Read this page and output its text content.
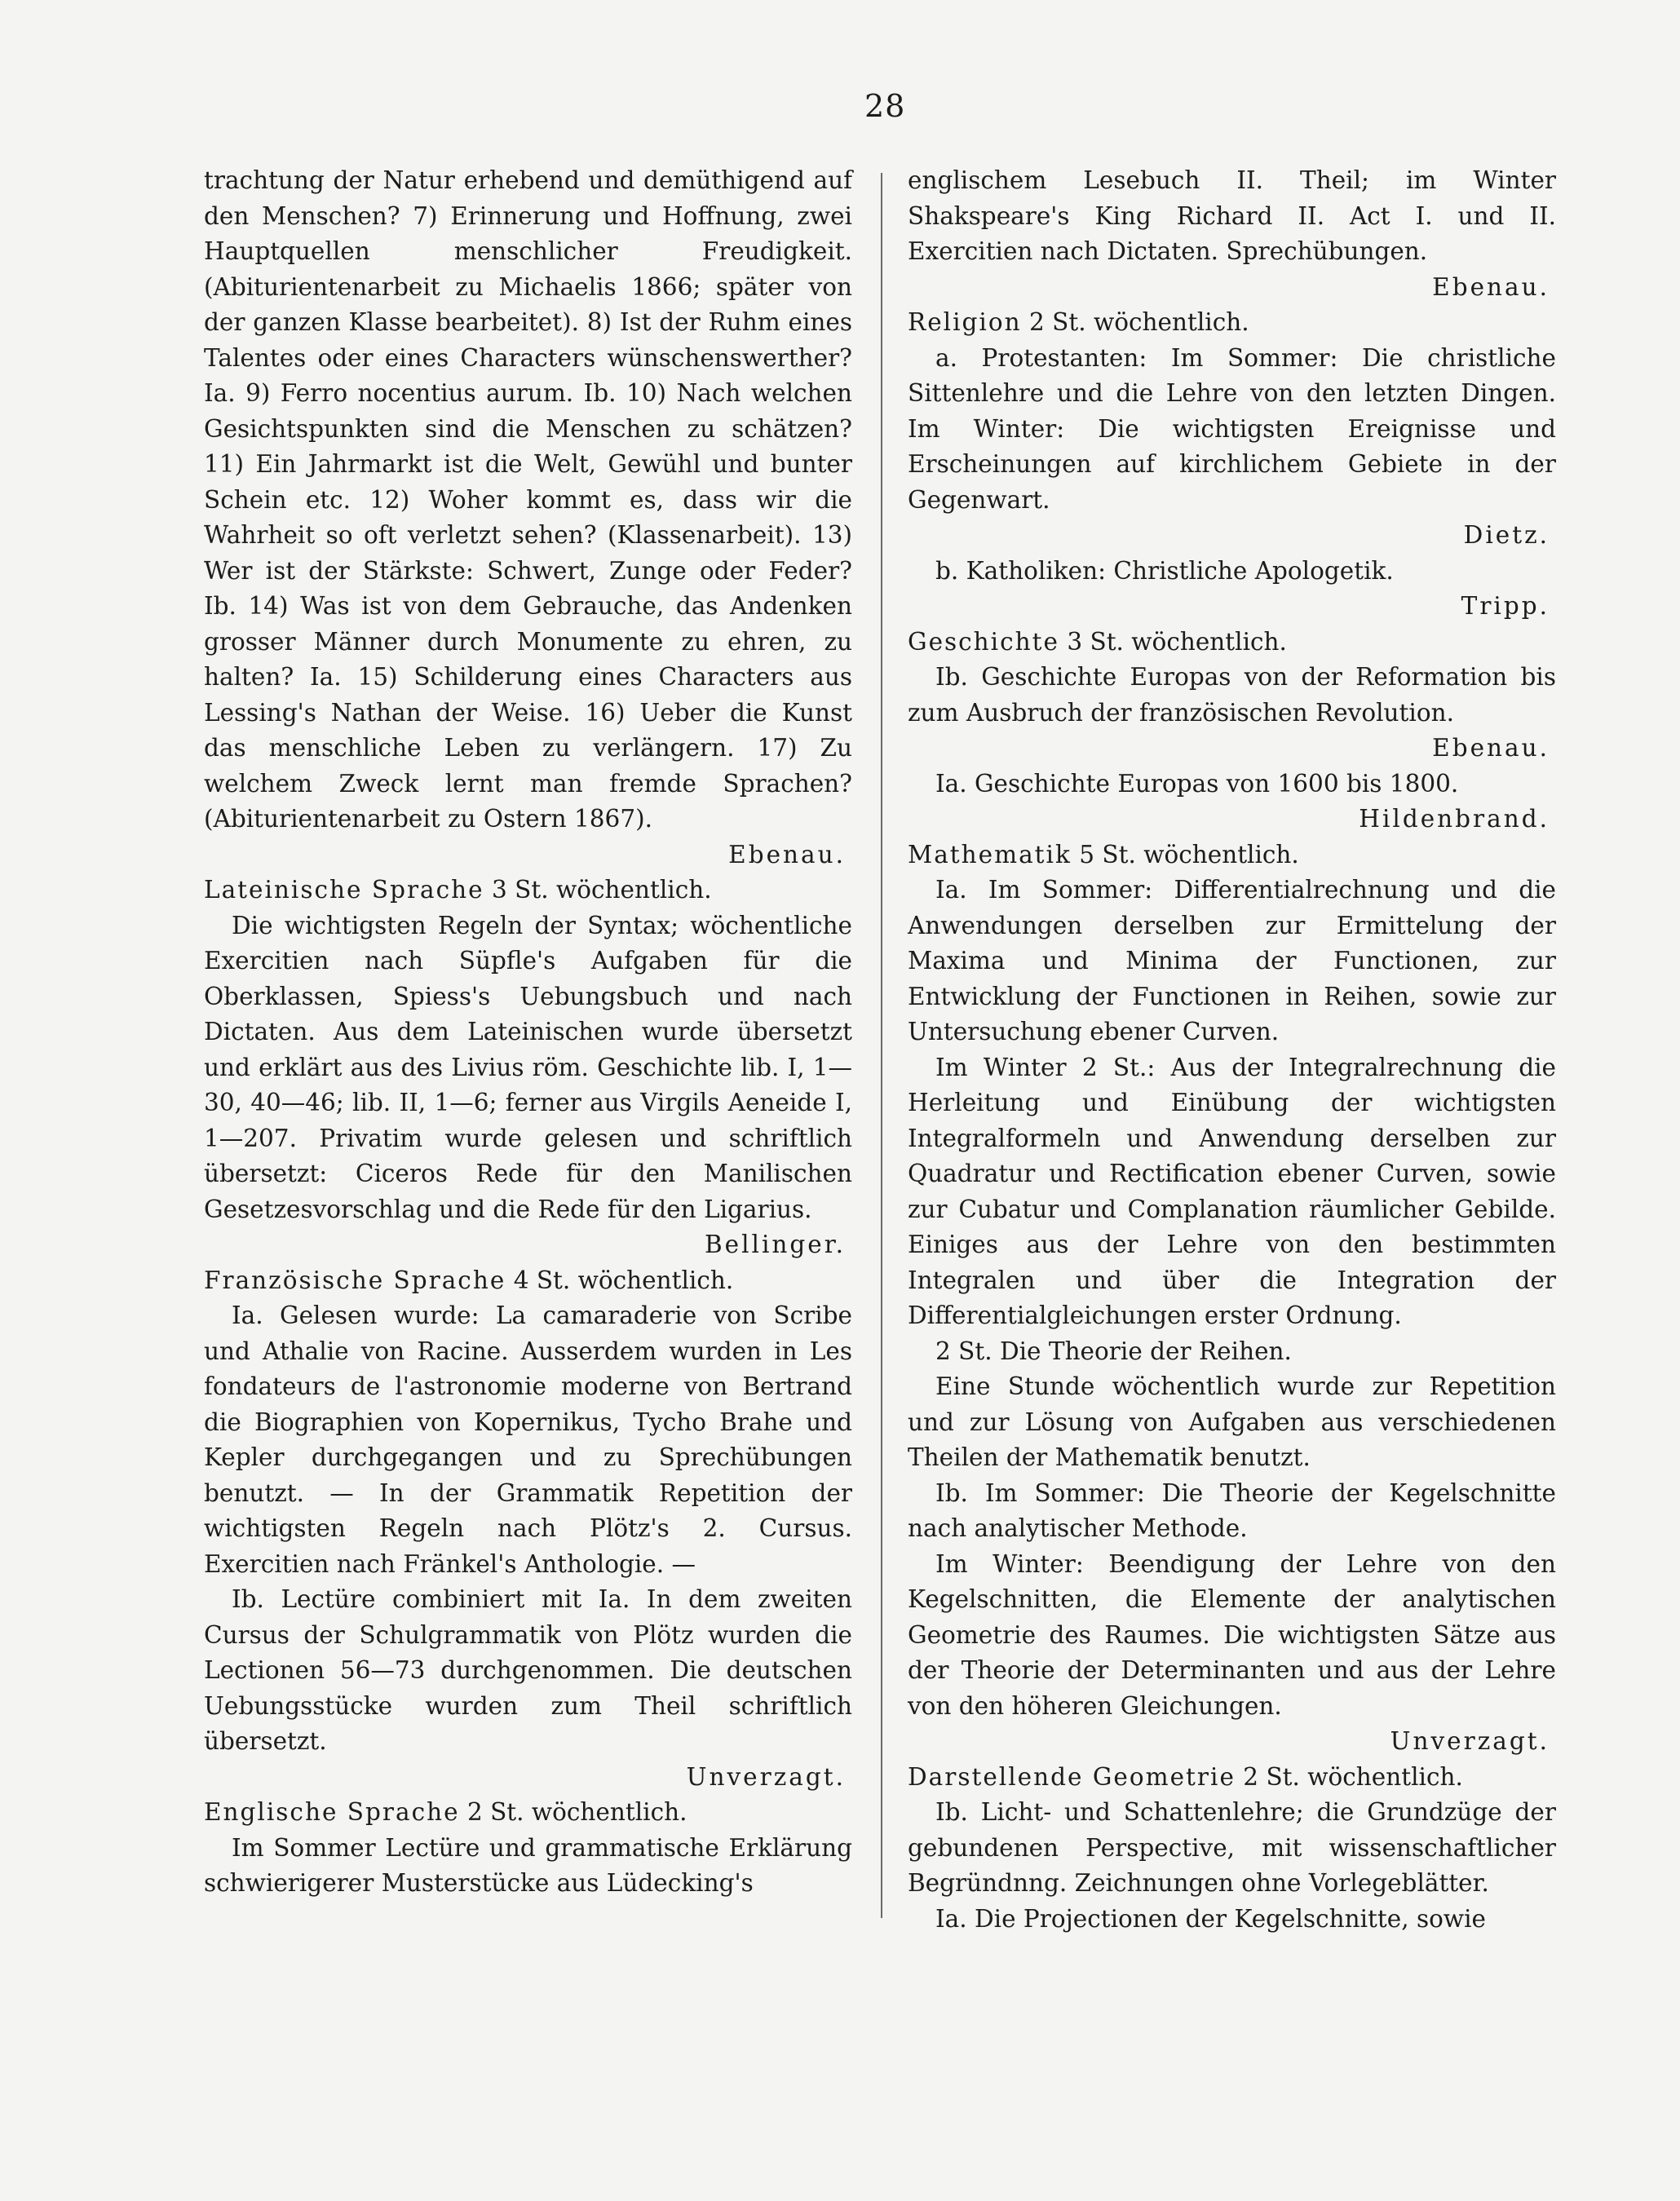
28

trachtung der Natur erhebend und demüthigend auf den Menschen? 7) Erinnerung und Hoffnung, zwei Hauptquellen menschlicher Freudigkeit. (Abiturientenarbeit zu Michaelis 1866; später von der ganzen Klasse bearbeitet). 8) Ist der Ruhm eines Talentes oder eines Characters wünschenswerther? Ia. 9) Ferro nocentius aurum. Ib. 10) Nach welchen Gesichtspunkten sind die Menschen zu schätzen? 11) Ein Jahrmarkt ist die Welt, Gewühl und bunter Schein etc. 12) Woher kommt es, dass wir die Wahrheit so oft verletzt sehen? (Klassenarbeit). 13) Wer ist der Stärkste: Schwert, Zunge oder Feder? Ib. 14) Was ist von dem Gebrauche, das Andenken grosser Männer durch Monumente zu ehren, zu halten? Ia. 15) Schilderung eines Characters aus Lessing's Nathan der Weise. 16) Ueber die Kunst das menschliche Leben zu verlängern. 17) Zu welchem Zweck lernt man fremde Sprachen? (Abiturientenarbeit zu Ostern 1867).

Ebenau.

Lateinische Sprache 3 St. wöchentlich.

Die wichtigsten Regeln der Syntax; wöchentliche Exercitien nach Süpfle's Aufgaben für die Oberklassen, Spiess's Uebungsbuch und nach Dictaten. Aus dem Lateinischen wurde übersetzt und erklärt aus des Livius röm. Geschichte lib. I, 1—30, 40—46; lib. II, 1—6; ferner aus Virgils Aeneide I, 1—207. Privatim wurde gelesen und schriftlich übersetzt: Ciceros Rede für den Manilischen Gesetzesvorschlag und die Rede für den Ligarius.

Bellinger.

Französische Sprache 4 St. wöchentlich.

Ia. Gelesen wurde: La camaraderie von Scribe und Athalie von Racine. Ausserdem wurden in Les fondateurs de l'astronomie moderne von Bertrand die Biographien von Kopernikus, Tycho Brahe und Kepler durchgegangen und zu Sprechübungen benutzt. — In der Grammatik Repetition der wichtigsten Regeln nach Plötz's 2. Cursus. Exercitien nach Fränkel's Anthologie. —

Ib. Lectüre combiniert mit Ia. In dem zweiten Cursus der Schulgrammatik von Plötz wurden die Lectionen 56—73 durchgenommen. Die deutschen Uebungsstücke wurden zum Theil schriftlich übersetzt.

Unverzagt.

Englische Sprache 2 St. wöchentlich.

Im Sommer Lectüre und grammatische Erklärung schwierigerer Musterstücke aus Lüdecking's

englischem Lesebuch II. Theil; im Winter Shakspeare's King Richard II. Act I. und II. Exercitien nach Dictaten. Sprechübungen.

Ebenau.

Religion 2 St. wöchentlich.

a. Protestanten: Im Sommer: Die christliche Sittenlehre und die Lehre von den letzten Dingen. Im Winter: Die wichtigsten Ereignisse und Erscheinungen auf kirchlichem Gebiete in der Gegenwart.

Dietz.

b. Katholiken: Christliche Apologetik.

Tripp.

Geschichte 3 St. wöchentlich.

Ib. Geschichte Europas von der Reformation bis zum Ausbruch der französischen Revolution.

Ebenau.

Ia. Geschichte Europas von 1600 bis 1800.

Hildenbrand.

Mathematik 5 St. wöchentlich.

Ia. Im Sommer: Differentialrechnung und die Anwendungen derselben zur Ermittelung der Maxima und Minima der Functionen, zur Entwicklung der Functionen in Reihen, sowie zur Untersuchung ebener Curven.

Im Winter 2 St.: Aus der Integralrechnung die Herleitung und Einübung der wichtigsten Integralformeln und Anwendung derselben zur Quadratur und Rectification ebener Curven, sowie zur Cubatur und Complanation räumlicher Gebilde. Einiges aus der Lehre von den bestimmten Integralen und über die Integration der Differentialgleichungen erster Ordnung.

2 St. Die Theorie der Reihen.

Eine Stunde wöchentlich wurde zur Repetition und zur Lösung von Aufgaben aus verschiedenen Theilen der Mathematik benutzt.

Ib. Im Sommer: Die Theorie der Kegelschnitte nach analytischer Methode.

Im Winter: Beendigung der Lehre von den Kegelschnitten, die Elemente der analytischen Geometrie des Raumes. Die wichtigsten Sätze aus der Theorie der Determinanten und aus der Lehre von den höheren Gleichungen.

Unverzagt.

Darstellende Geometrie 2 St. wöchentlich.

Ib. Licht- und Schattenlehre; die Grundzüge der gebundenen Perspective, mit wissenschaftlicher Begründnng. Zeichnungen ohne Vorlegeblätter.

Ia. Die Projectionen der Kegelschnitte, sowie
